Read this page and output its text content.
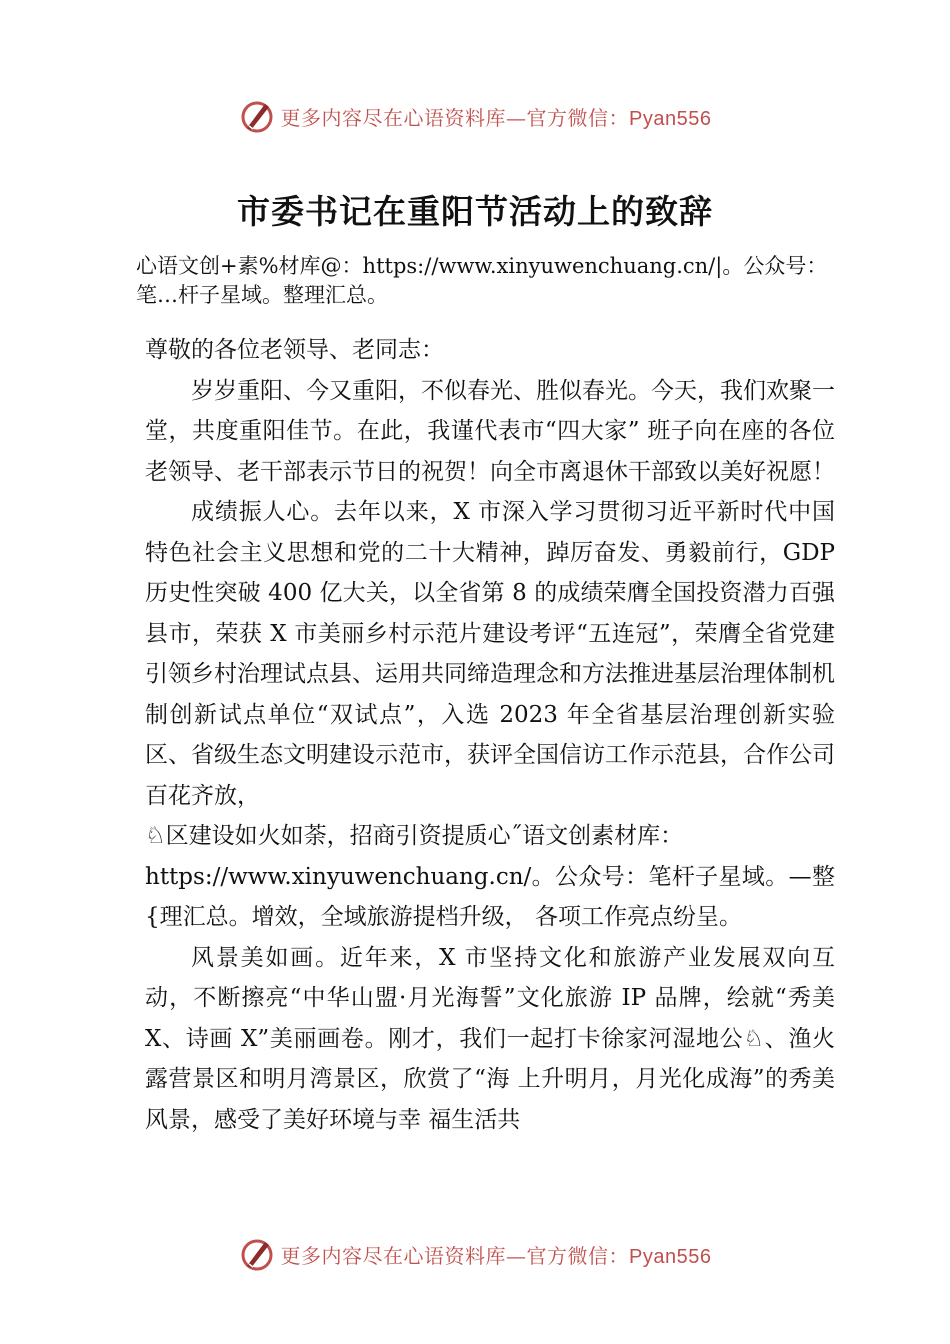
更多内容尽在心语资料库—官方微信：Pyan556
市委书记在重阳节活动上的致辞
心语文创+素%材库@：https://www.xinyuwenchuang.cn/|。公众号：笔…杆子星域。整理汇总。

尊敬的各位老领导、老同志：

岁岁重阳、今又重阳，不似春光、胜似春光。今天，我们欢聚一堂，共度重阳佳节。在此，我谨代表市“四大家” 班子向在座的各位老领导、老干部表示节日的祝贺！向全市离退休干部致以美好祝愿！

成绩振人心。去年以来，X 市深入学习贯彻习近平新时代中国特色社会主义思想和党的二十大精神，踔厉奋发、勇毅前行，GDP 历史性突破 400 亿大关，以全省第 8 的成绩荣膺全国投资潜力百强县市，荣获 X 市美丽乡村示范片建设考评“五连冠”，荣膺全省党建引领乡村治理试点县、运用共同缔造理念和方法推进基层治理体制机制创新试点单位“双试点”，入选 2023 年全省基层治理创新实验区、省级生态文明建设示范市，获评全国信访工作示范县，合作公司百花齐放，

♘区建设如火如荼，招商引资提质心˝语文创素材库：

https://www.xinyuwenchuang.cn/。公众号：笔杆子星域。—整{理汇总。增效，全域旅游提档升级， 各项工作亮点纷呈。

风景美如画。近年来，X 市坚持文化和旅游产业发展双向互动，不断擦亮“中华山盟·月光海誓”文化旅游 IP 品牌，绘就“秀美 X、诗画 X”美丽画卷。刚才，我们一起打卡徐家河湿地公♘、渔火露营景区和明月湾景区，欣赏了“海 上升明月，月光化成海”的秀美风景，感受了美好环境与幸 福生活共

更多内容尽在心语资料库—官方微信：Pyan556
